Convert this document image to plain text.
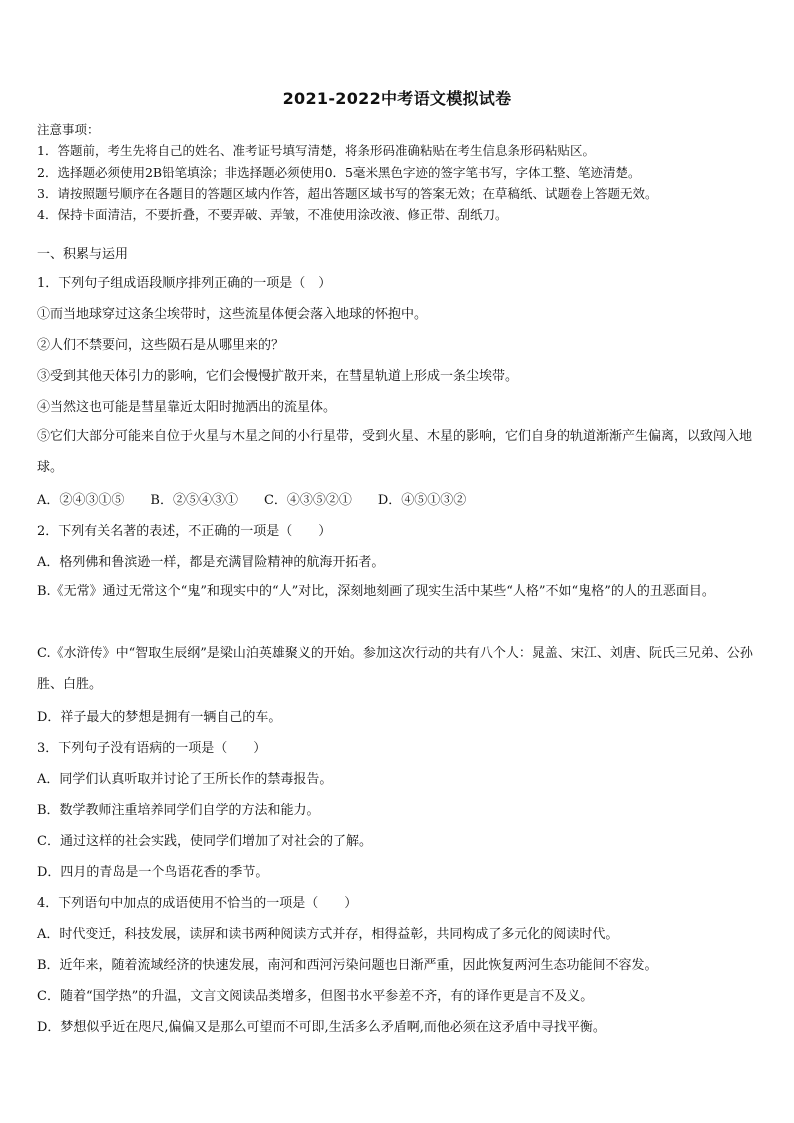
2021-2022中考语文模拟试卷
注意事项：
1．答题前，考生先将自己的姓名、准考证号填写清楚，将条形码准确粘贴在考生信息条形码粘贴区。
2．选择题必须使用2B铅笔填涂；非选择题必须使用0．5毫米黑色字迹的签字笔书写，字体工整、笔迹清楚。
3．请按照题号顺序在各题目的答题区域内作答，超出答题区域书写的答案无效；在草稿纸、试题卷上答题无效。
4．保持卡面清洁，不要折叠，不要弄破、弄皱，不准使用涂改液、修正带、刮纸刀。
一、积累与运用
1．下列句子组成语段顺序排列正确的一项是（　）
①而当地球穿过这条尘埃带时，这些流星体便会落入地球的怀抱中。
②人们不禁要问，这些陨石是从哪里来的？
③受到其他天体引力的影响，它们会慢慢扩散开来，在彗星轨道上形成一条尘埃带。
④当然这也可能是彗星靠近太阳时抛洒出的流星体。
⑤它们大部分可能来自位于火星与木星之间的小行星带，受到火星、木星的影响，它们自身的轨道渐渐产生偏离，以致闯入地球。
A．②④③①⑤　　B．②⑤④③①　　C．④③⑤②①　　D．④⑤①③②
2．下列有关名著的表述，不正确的一项是（　　）
A．格列佛和鲁滨逊一样，都是充满冒险精神的航海开拓者。
B.《无常》通过无常这个“鬼”和现实中的“人”对比，深刻地刻画了现实生活中某些“人格”不如“鬼格”的人的丑恶面目。
C.《水浒传》中“智取生辰纲”是梁山泊英雄聚义的开始。参加这次行动的共有八个人：晁盖、宋江、刘唐、阮氏三兄弟、公孙胜、白胜。
D．祥子最大的梦想是拥有一辆自己的车。
3．下列句子没有语病的一项是（　　）
A．同学们认真听取并讨论了王所长作的禁毒报告。
B．数学教师注重培养同学们自学的方法和能力。
C．通过这样的社会实践，使同学们增加了对社会的了解。
D．四月的青岛是一个鸟语花香的季节。
4．下列语句中加点的成语使用不恰当的一项是（　　）
A．时代变迁，科技发展，读屏和读书两种阅读方式并存，相得益彰，共同构成了多元化的阅读时代。
B．近年来，随着流域经济的快速发展，南河和西河污染问题也日渐严重，因此恢复两河生态功能间不容发。
C．随着“国学热”的升温，文言文阅读品类增多，但图书水平参差不齐，有的译作更是言不及义。
D．梦想似乎近在咫尺,偏偏又是那么可望而不可即,生活多么矛盾啊,而他必须在这矛盾中寻找平衡。
